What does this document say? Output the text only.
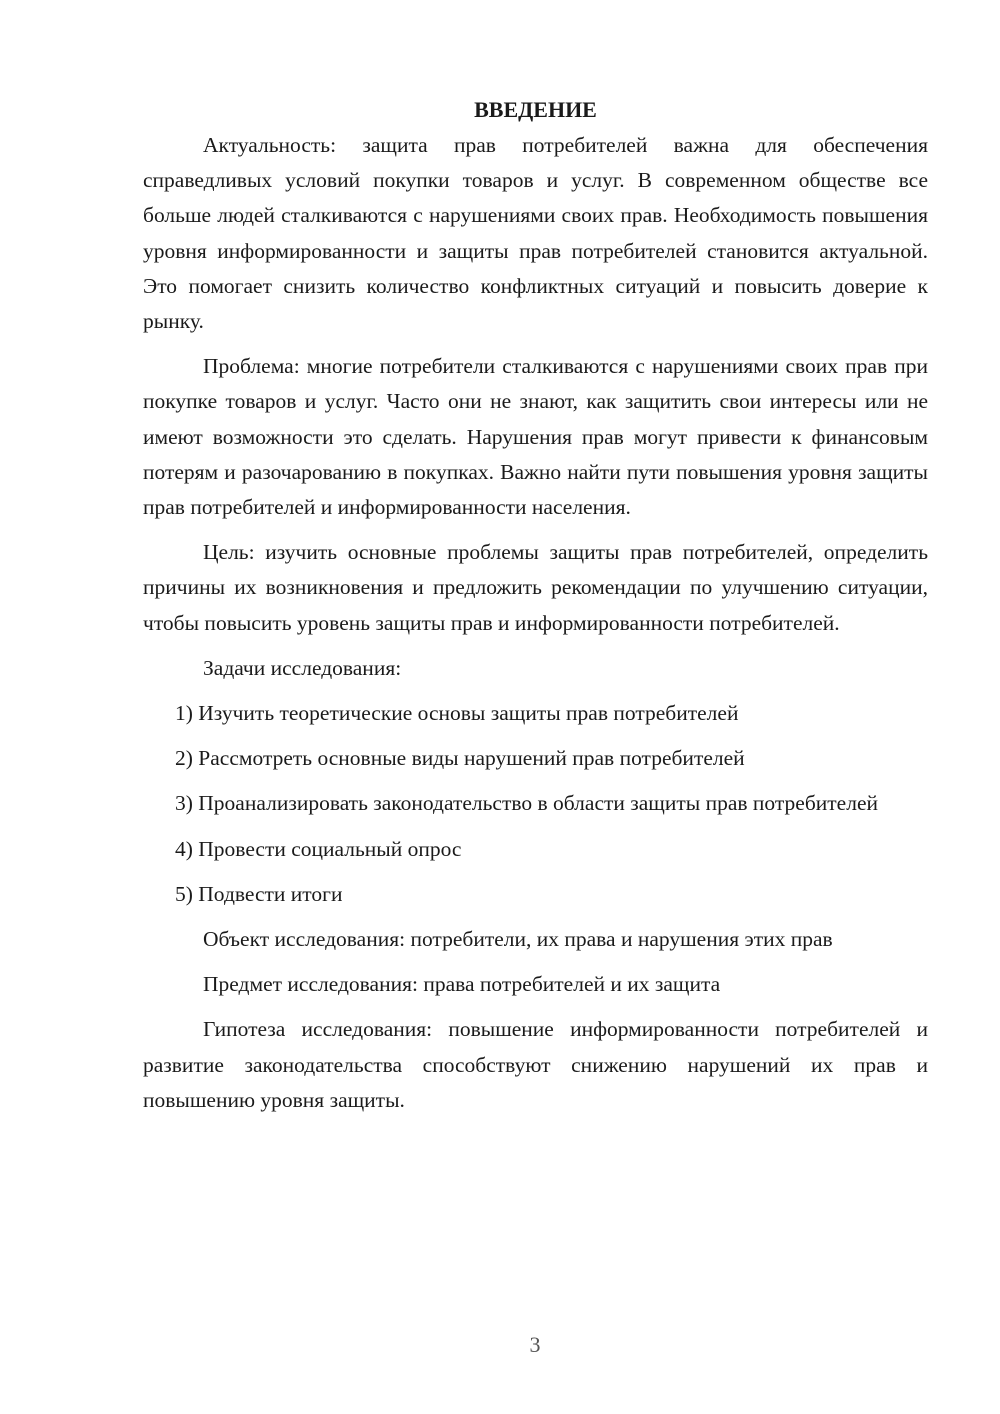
ВВЕДЕНИЕ

Актуальность: защита прав потребителей важна для обеспечения справедливых условий покупки товаров и услуг. В современном обществе все больше людей сталкиваются с нарушениями своих прав. Необходимость повышения уровня информированности и защиты прав потребителей становится актуальной. Это помогает снизить количество конфликтных ситуаций и повысить доверие к рынку.

Проблема: многие потребители сталкиваются с нарушениями своих прав при покупке товаров и услуг. Часто они не знают, как защитить свои интересы или не имеют возможности это сделать. Нарушения прав могут привести к финансовым потерям и разочарованию в покупках. Важно найти пути повышения уровня защиты прав потребителей и информированности населения.

Цель: изучить основные проблемы защиты прав потребителей, определить причины их возникновения и предложить рекомендации по улучшению ситуации, чтобы повысить уровень защиты прав и информированности потребителей.

Задачи исследования:

1) Изучить теоретические основы защиты прав потребителей

2) Рассмотреть основные виды нарушений прав потребителей

3) Проанализировать законодательство в области защиты прав потребителей

4) Провести социальный опрос

5) Подвести итоги

Объект исследования: потребители, их права и нарушения этих прав

Предмет исследования: права потребителей и их защита

Гипотеза исследования: повышение информированности потребителей и развитие законодательства способствуют снижению нарушений их прав и повышению уровня защиты.

3
